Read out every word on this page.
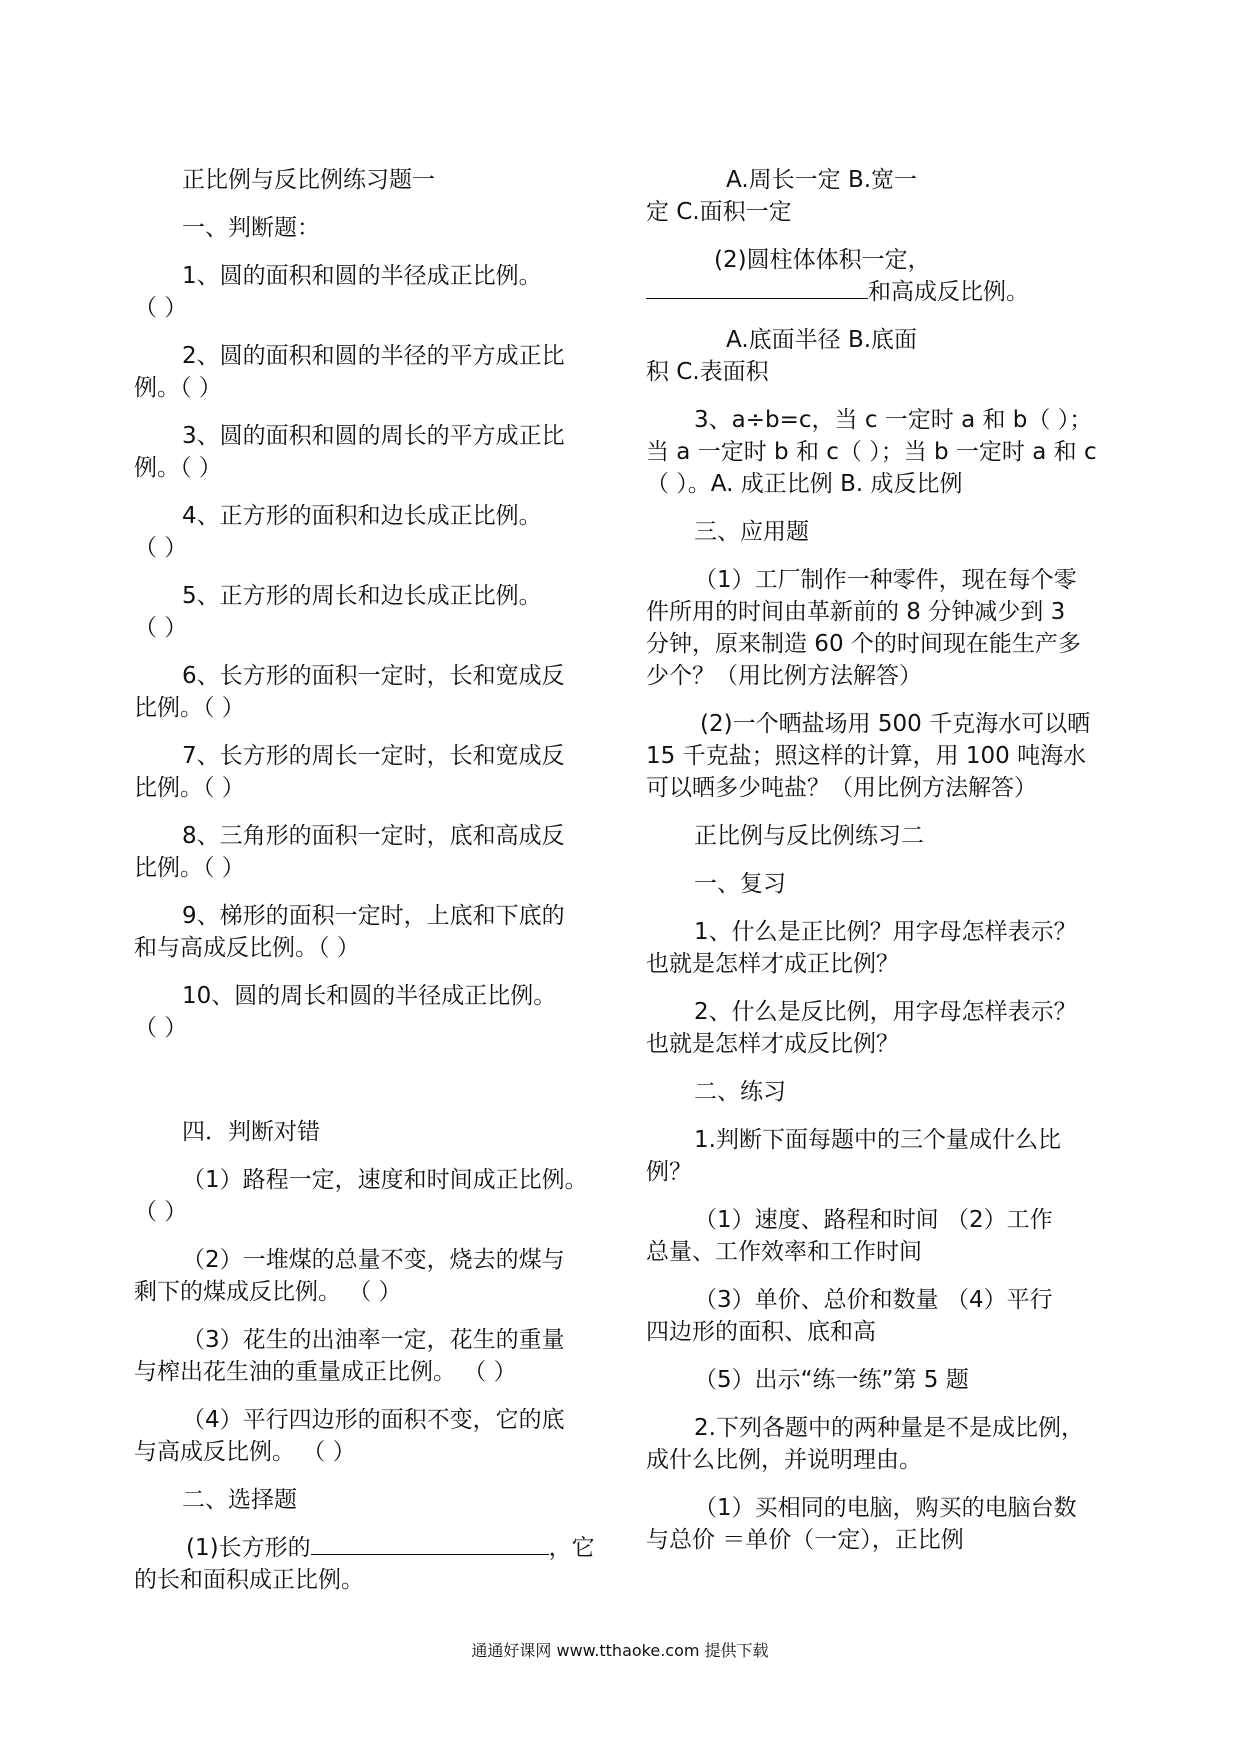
正比例与反比例练习题一
一、判断题：
1、圆的面积和圆的半径成正比例。
（ ）
2、圆的面积和圆的半径的平方成正比
例。（ ）
3、圆的面积和圆的周长的平方成正比
例。（ ）
4、正方形的面积和边长成正比例。
（ ）
5、正方形的周长和边长成正比例。
（ ）
6、长方形的面积一定时，长和宽成反
比例。（ ）
7、长方形的周长一定时，长和宽成反
比例。（ ）
8、三角形的面积一定时，底和高成反
比例。（ ）
9、梯形的面积一定时，上底和下底的
和与高成反比例。（ ）
10、圆的周长和圆的半径成正比例。
（ ）
四．判断对错
（1）路程一定，速度和时间成正比例。
（ ）
（2）一堆煤的总量不变，烧去的煤与
剩下的煤成反比例。 （ ）
（3）花生的出油率一定，花生的重量
与榨出花生油的重量成正比例。 （ ）
（4）平行四边形的面积不变，它的底
与高成反比例。 （ ）
二、选择题
(1)长方形的	，它
的长和面积成正比例。
A.周长一定 B.宽一
定 C.面积一定
(2)圆柱体体积一定，
和高成反比例。
A.底面半径 B.底面
积 C.表面积
3、a÷b=c，当 c 一定时 a 和 b（ ）；
当 a 一定时 b 和 c（ ）；当 b 一定时 a 和 c
（ ）。A. 成正比例 B. 成反比例
三、应用题
（1）工厂制作一种零件，现在每个零
件所用的时间由革新前的 8 分钟减少到 3
分钟，原来制造 60 个的时间现在能生产多
少个？（用比例方法解答）
(2)一个晒盐场用 500 千克海水可以晒
15 千克盐；照这样的计算，用 100 吨海水
可以晒多少吨盐？（用比例方法解答）
正比例与反比例练习二
一、复习
1、什么是正比例？用字母怎样表示？
也就是怎样才成正比例？
2、什么是反比例，用字母怎样表示？
也就是怎样才成反比例？
二、练习
1.判断下面每题中的三个量成什么比
例？
（1）速度、路程和时间 （2）工作
总量、工作效率和工作时间
（3）单价、总价和数量 （4）平行
四边形的面积、底和高
（5）出示“练一练”第 5 题
2.下列各题中的两种量是不是成比例，
成什么比例，并说明理由。
（1）买相同的电脑，购买的电脑台数
与总价 ＝单价（一定），正比例
通通好课网 www.tthaoke.com 提供下载
